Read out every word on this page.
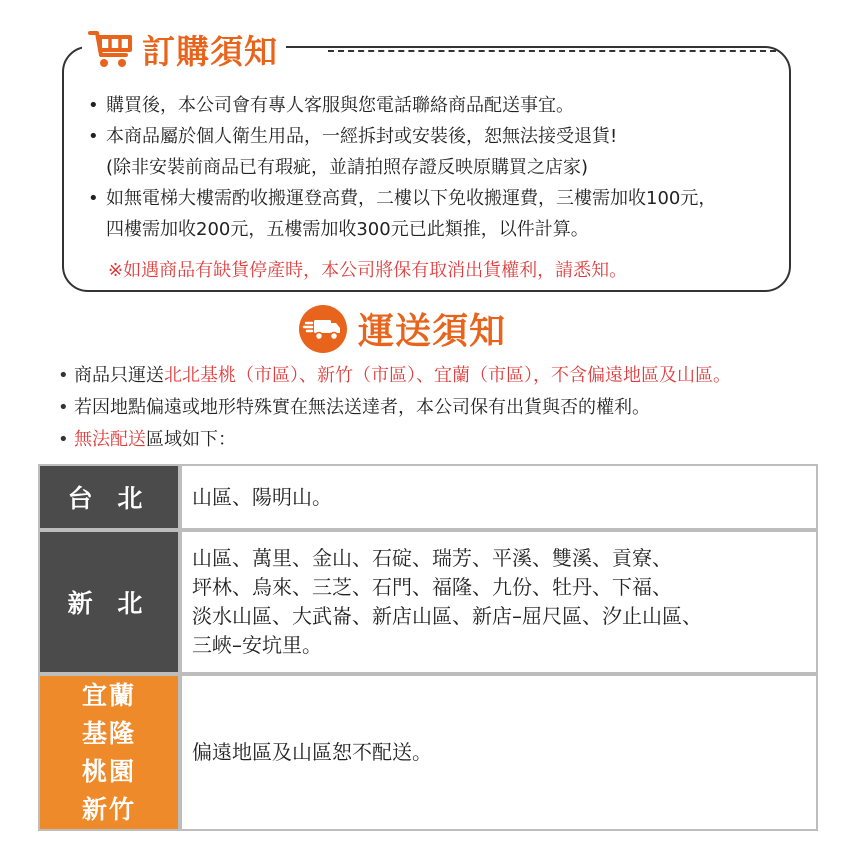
訂購須知
• 購買後，本公司會有專人客服與您電話聯絡商品配送事宜。
• 本商品屬於個人衛生用品，一經拆封或安裝後，恕無法接受退貨!
(除非安裝前商品已有瑕疵，並請拍照存證反映原購買之店家)
• 如無電梯大樓需酌收搬運登高費，二樓以下免收搬運費，三樓需加收100元，
四樓需加收200元，五樓需加收300元已此類推，以件計算。
※如遇商品有缺貨停產時，本公司將保有取消出貨權利，請悉知。
運送須知
• 商品只運送北北基桃（市區）、新竹（市區）、宜蘭（市區），不含偏遠地區及山區。
• 若因地點偏遠或地形特殊實在無法送達者，本公司保有出貨與否的權利。
• 無法配送區域如下：
台 北	山區、陽明山。
新 北
山區、萬里、金山、石碇、瑞芳、平溪、雙溪、貢寮、
坪林、烏來、三芝、石門、福隆、九份、牡丹、下福、
淡水山區、大武崙、新店山區、新店–屈尺區、汐止山區、
三峽–安坑里。
宜蘭
基隆
桃園
新竹
偏遠地區及山區恕不配送。
